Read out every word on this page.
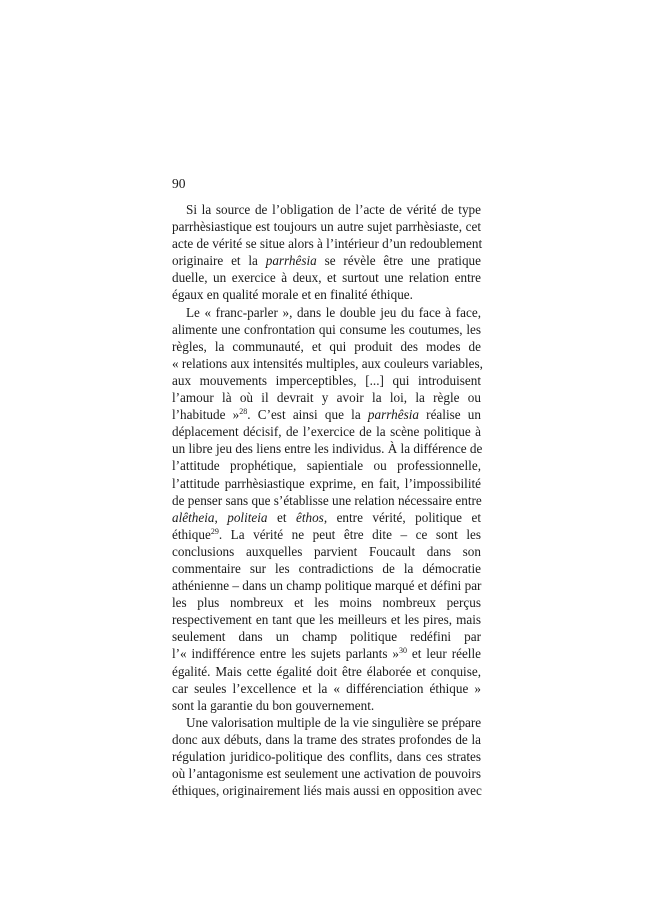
90
Si la source de l’obligation de l’acte de vérité de type
parrhèsiastique est toujours un autre sujet parrhèsiaste, cet
acte de vérité se situe alors à l’intérieur d’un redoublement
originaire et la parrhêsia se révèle être une pratique
duelle, un exercice à deux, et surtout une relation entre
égaux en qualité morale et en finalité éthique.
Le « franc-parler », dans le double jeu du face à face,
alimente une confrontation qui consume les coutumes, les
règles, la communauté, et qui produit des modes de
« relations aux intensités multiples, aux couleurs variables,
aux mouvements imperceptibles, [...] qui introduisent
l’amour là où il devrait y avoir la loi, la règle ou
l’habitude »$^{28}$. C’est ainsi que la parrhêsia réalise un
déplacement décisif, de l’exercice de la scène politique à
un libre jeu des liens entre les individus. À la différence de
l’attitude prophétique, sapientiale ou professionnelle,
l’attitude parrhèsiastique exprime, en fait, l’impossibilité
de penser sans que s’établisse une relation nécessaire entre
alêtheia, politeia et êthos, entre vérité, politique et
éthique$^{29}$. La vérité ne peut être dite – ce sont les
conclusions auxquelles parvient Foucault dans son
commentaire sur les contradictions de la démocratie
athénienne – dans un champ politique marqué et défini par
les plus nombreux et les moins nombreux perçus
respectivement en tant que les meilleurs et les pires, mais
seulement dans un champ politique redéfini par
l’« indifférence entre les sujets parlants »$^{30}$ et leur réelle
égalité. Mais cette égalité doit être élaborée et conquise,
car seules l’excellence et la « différenciation éthique »
sont la garantie du bon gouvernement.
Une valorisation multiple de la vie singulière se prépare
donc aux débuts, dans la trame des strates profondes de la
régulation juridico-politique des conflits, dans ces strates
où l’antagonisme est seulement une activation de pouvoirs
éthiques, originairement liés mais aussi en opposition avec
